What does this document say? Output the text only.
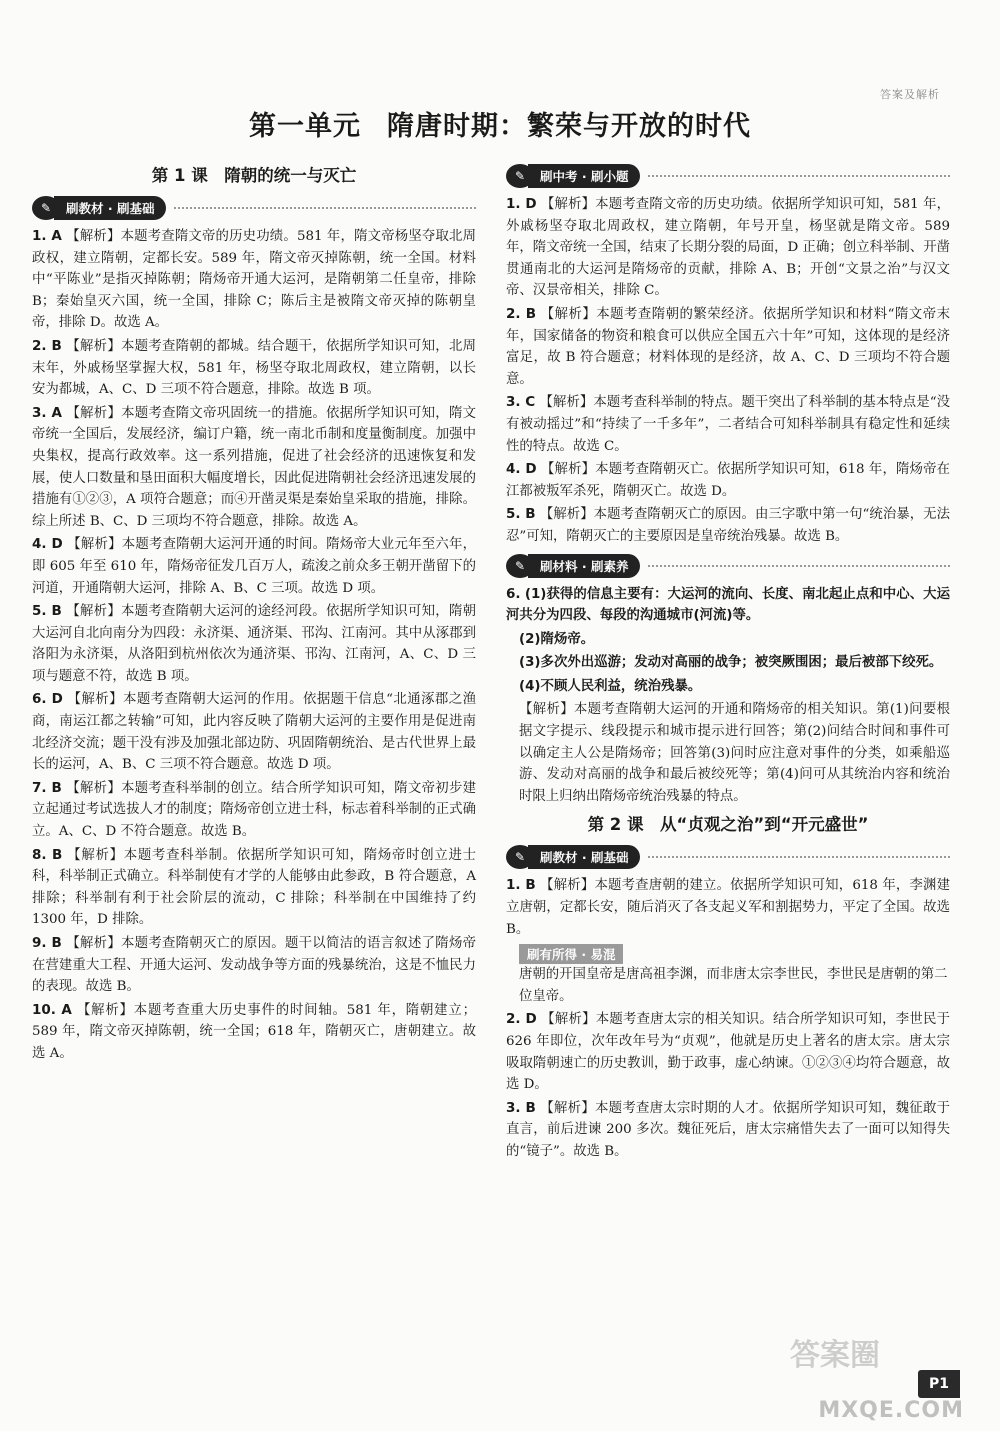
答案及解析
第一单元 隋唐时期：繁荣与开放的时代
第 1 课　隋朝的统一与灭亡
✎	刷教材 · 刷基础
1. A 【解析】本题考查隋文帝的历史功绩。581 年，隋文帝杨坚夺取北周政权，建立隋朝，定都长安。589 年，隋文帝灭掉陈朝，统一全国。材料中“平陈业”是指灭掉陈朝；隋炀帝开通大运河，是隋朝第二任皇帝，排除 B；秦始皇灭六国，统一全国，排除 C；陈后主是被隋文帝灭掉的陈朝皇帝，排除 D。故选 A。
2. B 【解析】本题考查隋朝的都城。结合题干，依据所学知识可知，北周末年，外戚杨坚掌握大权，581 年，杨坚夺取北周政权，建立隋朝，以长安为都城，A、C、D 三项不符合题意，排除。故选 B 项。
3. A 【解析】本题考查隋文帝巩固统一的措施。依据所学知识可知，隋文帝统一全国后，发展经济，编订户籍，统一南北币制和度量衡制度。加强中央集权，提高行政效率。这一系列措施，促进了社会经济的迅速恢复和发展，使人口数量和垦田面积大幅度增长，因此促进隋朝社会经济迅速发展的措施有①②③，A 项符合题意；而④开凿灵渠是秦始皇采取的措施，排除。综上所述 B、C、D 三项均不符合题意，排除。故选 A。
4. D 【解析】本题考查隋朝大运河开通的时间。隋炀帝大业元年至六年，即 605 年至 610 年，隋炀帝征发几百万人，疏浚之前众多王朝开凿留下的河道，开通隋朝大运河，排除 A、B、C 三项。故选 D 项。
5. B 【解析】本题考查隋朝大运河的途经河段。依据所学知识可知，隋朝大运河自北向南分为四段：永济渠、通济渠、邗沟、江南河。其中从涿郡到洛阳为永济渠，从洛阳到杭州依次为通济渠、邗沟、江南河，A、C、D 三项与题意不符，故选 B 项。
6. D 【解析】本题考查隋朝大运河的作用。依据题干信息“北通涿郡之渔商，南运江都之转输”可知，此内容反映了隋朝大运河的主要作用是促进南北经济交流；题干没有涉及加强北部边防、巩固隋朝统治、是古代世界上最长的运河，A、B、C 三项不符合题意。故选 D 项。
7. B 【解析】本题考查科举制的创立。结合所学知识可知，隋文帝初步建立起通过考试选拔人才的制度；隋炀帝创立进士科，标志着科举制的正式确立。A、C、D 不符合题意。故选 B。
8. B 【解析】本题考查科举制。依据所学知识可知，隋炀帝时创立进士科，科举制正式确立。科举制使有才学的人能够由此参政，B 符合题意，A 排除；科举制有利于社会阶层的流动，C 排除；科举制在中国维持了约 1300 年，D 排除。
9. B 【解析】本题考查隋朝灭亡的原因。题干以简洁的语言叙述了隋炀帝在营建重大工程、开通大运河、发动战争等方面的残暴统治，这是不恤民力的表现。故选 B。
10. A 【解析】本题考查重大历史事件的时间轴。581 年，隋朝建立；589 年，隋文帝灭掉陈朝，统一全国；618 年，隋朝灭亡，唐朝建立。故选 A。
✎	刷中考 · 刷小题
1. D 【解析】本题考查隋文帝的历史功绩。依据所学知识可知，581 年，外戚杨坚夺取北周政权，建立隋朝，年号开皇，杨坚就是隋文帝。589 年，隋文帝统一全国，结束了长期分裂的局面，D 正确；创立科举制、开凿贯通南北的大运河是隋炀帝的贡献，排除 A、B；开创“文景之治”与汉文帝、汉景帝相关，排除 C。
2. B 【解析】本题考查隋朝的繁荣经济。依据所学知识和材料“隋文帝末年，国家储备的物资和粮食可以供应全国五六十年”可知，这体现的是经济富足，故 B 符合题意；材料体现的是经济，故 A、C、D 三项均不符合题意。
3. C 【解析】本题考查科举制的特点。题干突出了科举制的基本特点是“没有被动摇过”和“持续了一千多年”，二者结合可知科举制具有稳定性和延续性的特点。故选 C。
4. D 【解析】本题考查隋朝灭亡。依据所学知识可知，618 年，隋炀帝在江都被叛军杀死，隋朝灭亡。故选 D。
5. B 【解析】本题考查隋朝灭亡的原因。由三字歌中第一句“统治暴，无法忍”可知，隋朝灭亡的主要原因是皇帝统治残暴。故选 B。
✎	刷材料 · 刷素养
6. (1)获得的信息主要有：大运河的流向、长度、南北起止点和中心、大运河共分为四段、每段的沟通城市(河流)等。
(2)隋炀帝。
(3)多次外出巡游；发动对高丽的战争；被突厥围困；最后被部下绞死。
(4)不顾人民利益，统治残暴。
【解析】本题考查隋朝大运河的开通和隋炀帝的相关知识。第(1)问要根据文字提示、线段提示和城市提示进行回答；第(2)问结合时间和事件可以确定主人公是隋炀帝；回答第(3)问时应注意对事件的分类，如乘船巡游、发动对高丽的战争和最后被绞死等；第(4)问可从其统治内容和统治时限上归纳出隋炀帝统治残暴的特点。
第 2 课　从“贞观之治”到“开元盛世”
✎	刷教材 · 刷基础
1. B 【解析】本题考查唐朝的建立。依据所学知识可知，618 年，李渊建立唐朝，定都长安，随后消灭了各支起义军和割据势力，平定了全国。故选 B。
刷有所得 · 易混
唐朝的开国皇帝是唐高祖李渊，而非唐太宗李世民，李世民是唐朝的第二位皇帝。
2. D 【解析】本题考查唐太宗的相关知识。结合所学知识可知，李世民于 626 年即位，次年改年号为“贞观”，他就是历史上著名的唐太宗。唐太宗吸取隋朝速亡的历史教训，勤于政事，虚心纳谏。①②③④均符合题意，故选 D。
3. B 【解析】本题考查唐太宗时期的人才。依据所学知识可知，魏征敢于直言，前后进谏 200 多次。魏征死后，唐太宗痛惜失去了一面可以知得失的“镜子”。故选 B。
答案圈
P1
MXQE.COM
